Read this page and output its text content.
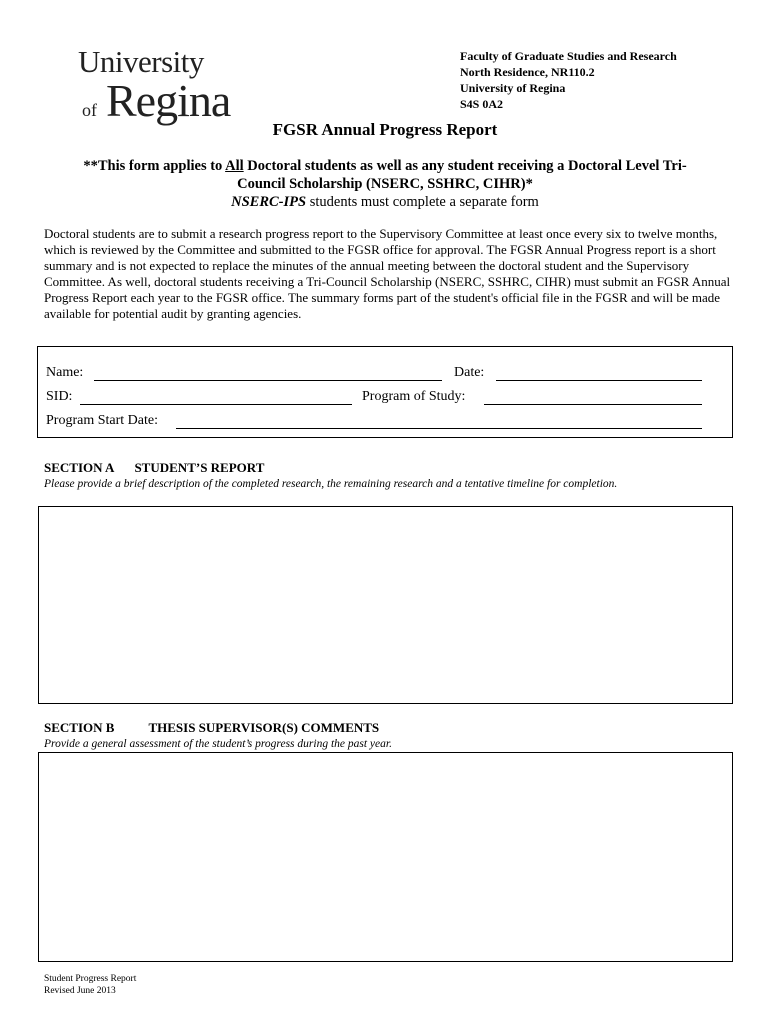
University
of Regina
Faculty of Graduate Studies and Research
North Residence, NR110.2
University of Regina
S4S 0A2
FGSR Annual Progress Report
**This form applies to All Doctoral students as well as any student receiving a Doctoral Level Tri-Council Scholarship (NSERC, SSHRC, CIHR)*
NSERC-IPS students must complete a separate form
Doctoral students are to submit a research progress report to the Supervisory Committee at least once every six to twelve months, which is reviewed by the Committee and submitted to the FGSR office for approval. The FGSR Annual Progress report is a short summary and is not expected to replace the minutes of the annual meeting between the doctoral student and the Supervisory Committee. As well, doctoral students receiving a Tri-Council Scholarship (NSERC, SSHRC, CIHR) must submit an FGSR Annual Progress Report each year to the FGSR office. The summary forms part of the student's official file in the FGSR and will be made available for potential audit by granting agencies.
Name:	Date:
SID:	Program of Study:
Program Start Date:
SECTION A STUDENT’S REPORT
Please provide a brief description of the completed research, the remaining research and a tentative timeline for completion.
SECTION B	THESIS SUPERVISOR(S) COMMENTS
Provide a general assessment of the student’s progress during the past year.
Student Progress Report
Revised June 2013
